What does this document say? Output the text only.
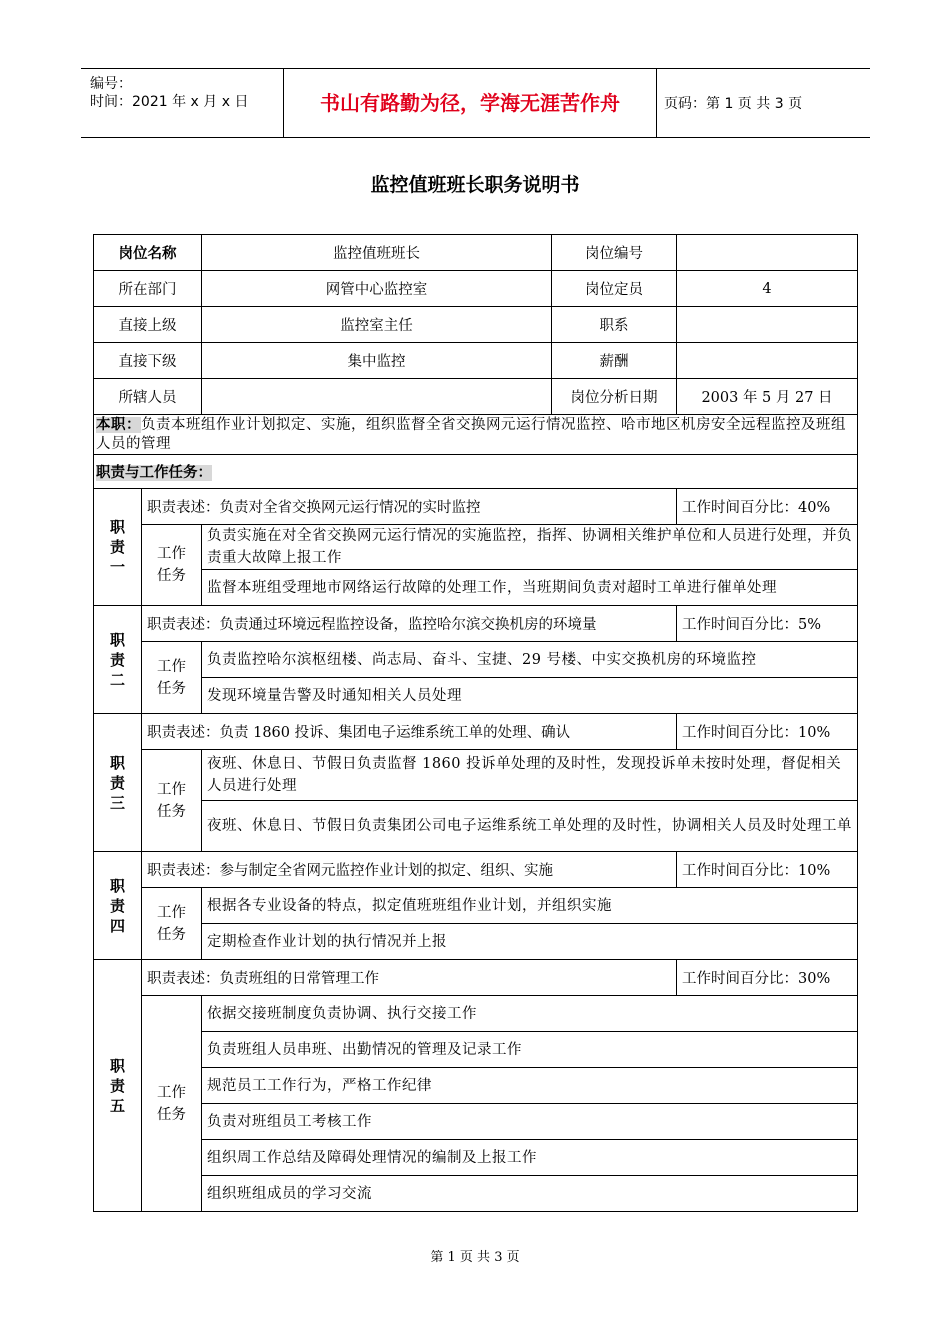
编号：
时间：2021 年 x 月 x 日	书山有路勤为径，学海无涯苦作舟	页码：第 1 页 共 3 页
监控值班班长职务说明书
岗位名称		监控值班班长	岗位编号	
所在部门		网管中心监控室	岗位定员	4
直接上级		监控室主任	职系	
直接下级		集中监控	薪酬	
所辖人员			岗位分析日期	2003 年 5 月 27 日
本职：负责本班组作业计划拟定、实施，组织监督全省交换网元运行情况监控、哈市地区机房安全远程监控及班组人员的管理				
职责与工作任务：				
职
责
一	职责表述：负责对全省交换网元运行情况的实时监控			工作时间百分比：40%
	工作
任务	负责实施在对全省交换网元运行情况的实施监控，指挥、协调相关维护单位和人员进行处理，并负责重大故障上报工作		
		监督本班组受理地市网络运行故障的处理工作，当班期间负责对超时工单进行催单处理		
职
责
二	职责表述：负责通过环境远程监控设备，监控哈尔滨交换机房的环境量			工作时间百分比：5%
	工作
任务	负责监控哈尔滨枢纽楼、尚志局、奋斗、宝捷、29 号楼、中实交换机房的环境监控		
		发现环境量告警及时通知相关人员处理		
职
责
三	职责表述：负责 1860 投诉、集团电子运维系统工单的处理、确认			工作时间百分比：10%
	工作
任务	夜班、休息日、节假日负责监督 1860 投诉单处理的及时性，发现投诉单未按时处理，督促相关人员进行处理		
		夜班、休息日、节假日负责集团公司电子运维系统工单处理的及时性，协调相关人员及时处理工单		
职
责
四	职责表述：参与制定全省网元监控作业计划的拟定、组织、实施			工作时间百分比：10%
	工作
任务	根据各专业设备的特点，拟定值班班组作业计划，并组织实施		
		定期检查作业计划的执行情况并上报		
职
责
五	职责表述：负责班组的日常管理工作			工作时间百分比：30%
	工作
任务	依据交接班制度负责协调、执行交接工作		
		负责班组人员串班、出勤情况的管理及记录工作		
		规范员工工作行为，严格工作纪律		
		负责对班组员工考核工作		
		组织周工作总结及障碍处理情况的编制及上报工作		
		组织班组成员的学习交流		
第 1 页 共 3 页
